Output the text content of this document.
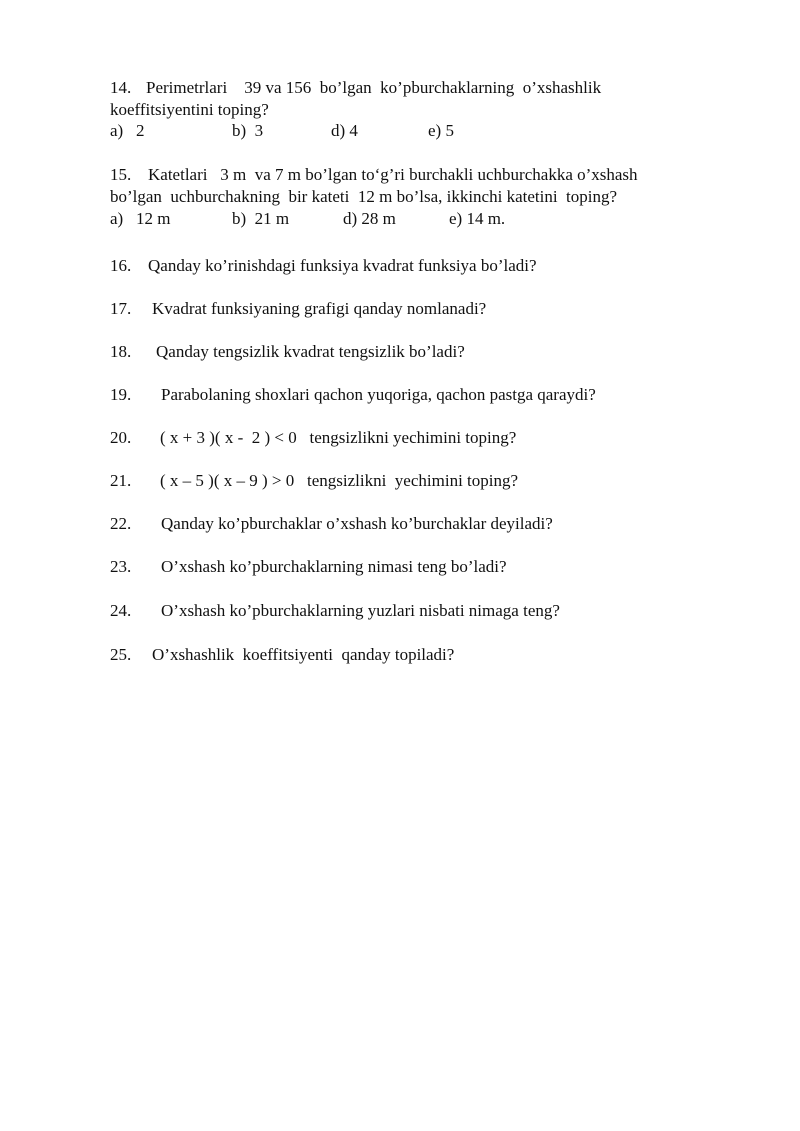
14. Perimetrlari    39 va 156  bo’lgan  ko’pburchaklarning  o’xshashlik
koeffitsiyentini toping?
a)   2	b)  3	d) 4	e) 5
15. Katetlari   3 m  va 7 m bo’lgan to‘g’ri burchakli uchburchakka o’xshash
bo’lgan  uchburchakning  bir kateti  12 m bo’lsa, ikkinchi katetini  toping?
a)   12 m	b)  21 m	d) 28 m	e) 14 m.
16. Qanday ko’rinishdagi funksiya kvadrat funksiya bo’ladi?
17. Kvadrat funksiyaning grafigi qanday nomlanadi?
18. Qanday tengsizlik kvadrat tengsizlik bo’ladi?
19. Parabolaning shoxlari qachon yuqoriga, qachon pastga qaraydi?
20. ( x + 3 )( x -  2 ) < 0   tengsizlikni yechimini toping?
21. ( x – 5 )( x – 9 ) > 0   tengsizlikni  yechimini toping?
22. Qanday ko’pburchaklar o’xshash ko’burchaklar deyiladi?
23. O’xshash ko’pburchaklarning nimasi teng bo’ladi?
24. O’xshash ko’pburchaklarning yuzlari nisbati nimaga teng?
25. O’xshashlik  koeffitsiyenti  qanday topiladi?
